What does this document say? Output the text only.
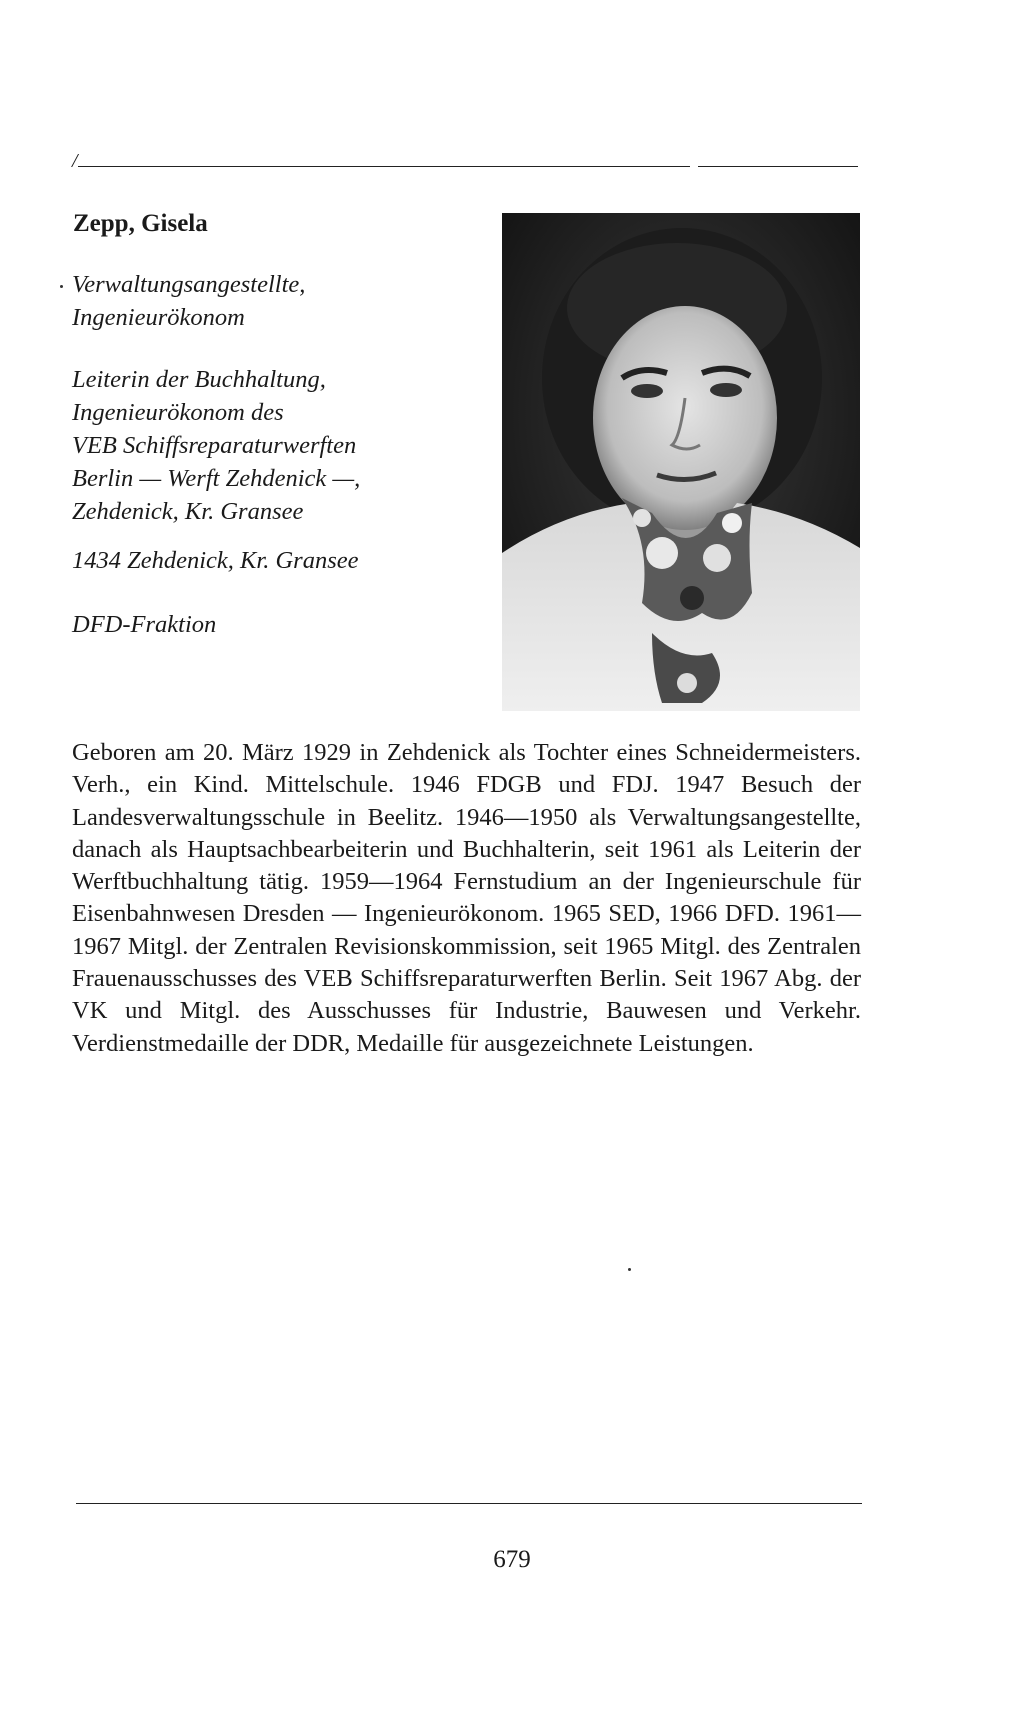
/
Zepp, Gisela
Verwaltungsangestellte,
Ingenieurökonom
Leiterin der Buchhaltung,
Ingenieurökonom des
VEB Schiffsreparaturwerften
Berlin — Werft Zehdenick —,
Zehdenick, Kr. Gransee
1434 Zehdenick, Kr. Gransee
DFD-Fraktion

Geboren am 20. März 1929 in Zehdenick als Tochter eines Schneidermeisters. Verh., ein Kind. Mittelschule. 1946 FDGB und FDJ. 1947 Besuch der Landesverwaltungsschule in Beelitz. 1946—1950 als Verwaltungsangestellte, danach als Hauptsachbearbeiterin und Buchhalterin, seit 1961 als Leiterin der Werftbuchhaltung tätig. 1959—1964 Fernstudium an der Ingenieurschule für Eisenbahnwesen Dresden — Ingenieurökonom. 1965 SED, 1966 DFD. 1961—1967 Mitgl. der Zentralen Revisionskommission, seit 1965 Mitgl. des Zentralen Frauenausschusses des VEB Schiffsreparaturwerften Berlin. Seit 1967 Abg. der VK und Mitgl. des Ausschusses für Industrie, Bauwesen und Verkehr. Verdienstmedaille der DDR, Medaille für ausgezeichnete Leistungen.

679
